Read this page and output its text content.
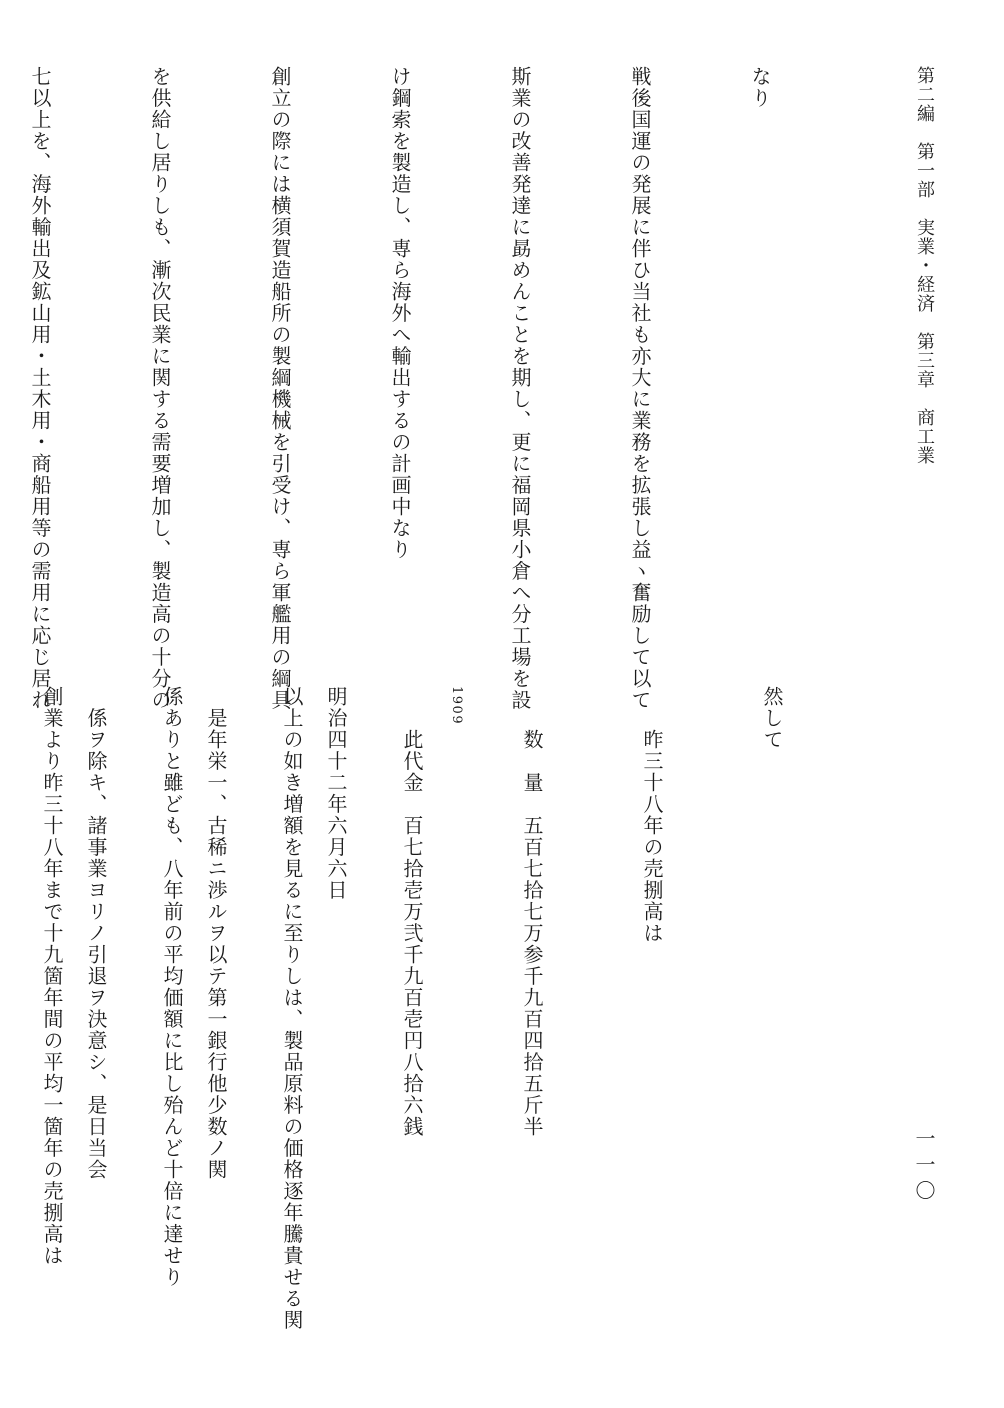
第二編　第一部　実業・経済　第三章　商工業
一一〇

なり

戦後国運の発展に伴ひ当社も亦大に業務を拡張し益ヽ奮励して以て

斯業の改善発達に勗めんことを期し、更に福岡県小倉へ分工場を設

け鋼索を製造し、専ら海外へ輸出するの計画中なり

創立の際には横須賀造船所の製綱機械を引受け、専ら軍艦用の綱具

を供給し居りしも、漸次民業に関する需要増加し、製造高の十分の

七以上を、海外輸出及鉱山用・土木用・商船用等の需用に応じ居れ

然して

　　昨三十八年の売捌高は

　　数　量　五百七拾七万参千九百四拾五斤半

　　此代金　百七拾壱万弐千九百壱円八拾六銭

以上の如き増額を見るに至りしは、製品原料の価格逐年騰貴せる関

係ありと雖ども、八年前の平均価額に比し殆んど十倍に達せり

創業より昨三十八年まで十九箇年間の平均一箇年の売捌高は

	1909

明治四十二年六月六日

　是年栄一、古稀ニ渉ルヲ以テ第一銀行他少数ノ関

　係ヲ除キ、諸事業ヨリノ引退ヲ決意シ、是日当会
